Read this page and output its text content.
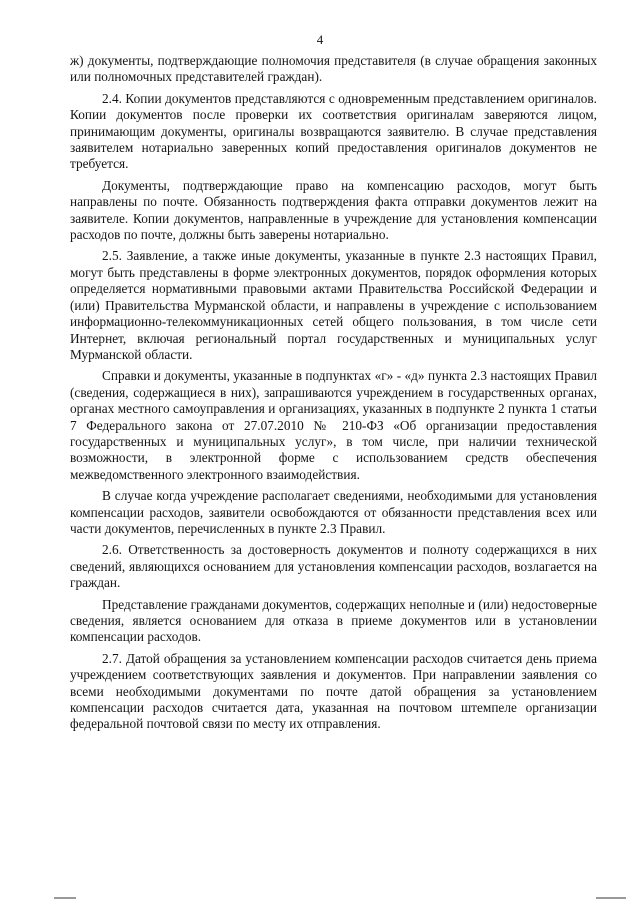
4

ж) документы, подтверждающие полномочия представителя (в случае обращения законных или полномочных представителей граждан).

2.4. Копии документов представляются с одновременным представлением оригиналов. Копии документов после проверки их соответствия оригиналам заверяются лицом, принимающим документы, оригиналы возвращаются заявителю. В случае представления заявителем нотариально заверенных копий предоставления оригиналов документов не требуется.

Документы, подтверждающие право на компенсацию расходов, могут быть направлены по почте. Обязанность подтверждения факта отправки документов лежит на заявителе. Копии документов, направленные в учреждение для установления компенсации расходов по почте, должны быть заверены нотариально.

2.5. Заявление, а также иные документы, указанные в пункте 2.3 настоящих Правил, могут быть представлены в форме электронных документов, порядок оформления которых определяется нормативными правовыми актами Правительства Российской Федерации и (или) Правительства Мурманской области, и направлены в учреждение с использованием информационно-телекоммуникационных сетей общего пользования, в том числе сети Интернет, включая региональный портал государственных и муниципальных услуг Мурманской области.

Справки и документы, указанные в подпунктах «г» - «д» пункта 2.3 настоящих Правил (сведения, содержащиеся в них), запрашиваются учреждением в государственных органах, органах местного самоуправления и организациях, указанных в подпункте 2 пункта 1 статьи 7 Федерального закона от 27.07.2010 № 210-ФЗ «Об организации предоставления государственных и муниципальных услуг», в том числе, при наличии технической возможности, в электронной форме с использованием средств обеспечения межведомственного электронного взаимодействия.

В случае когда учреждение располагает сведениями, необходимыми для установления компенсации расходов, заявители освобождаются от обязанности представления всех или части документов, перечисленных в пункте 2.3 Правил.

2.6. Ответственность за достоверность документов и полноту содержащихся в них сведений, являющихся основанием для установления компенсации расходов, возлагается на граждан.

Представление гражданами документов, содержащих неполные и (или) недостоверные сведения, является основанием для отказа в приеме документов или в установлении компенсации расходов.

2.7. Датой обращения за установлением компенсации расходов считается день приема учреждением соответствующих заявления и документов. При направлении заявления со всеми необходимыми документами по почте датой обращения за установлением компенсации расходов считается дата, указанная на почтовом штемпеле организации федеральной почтовой связи по месту их отправления.
